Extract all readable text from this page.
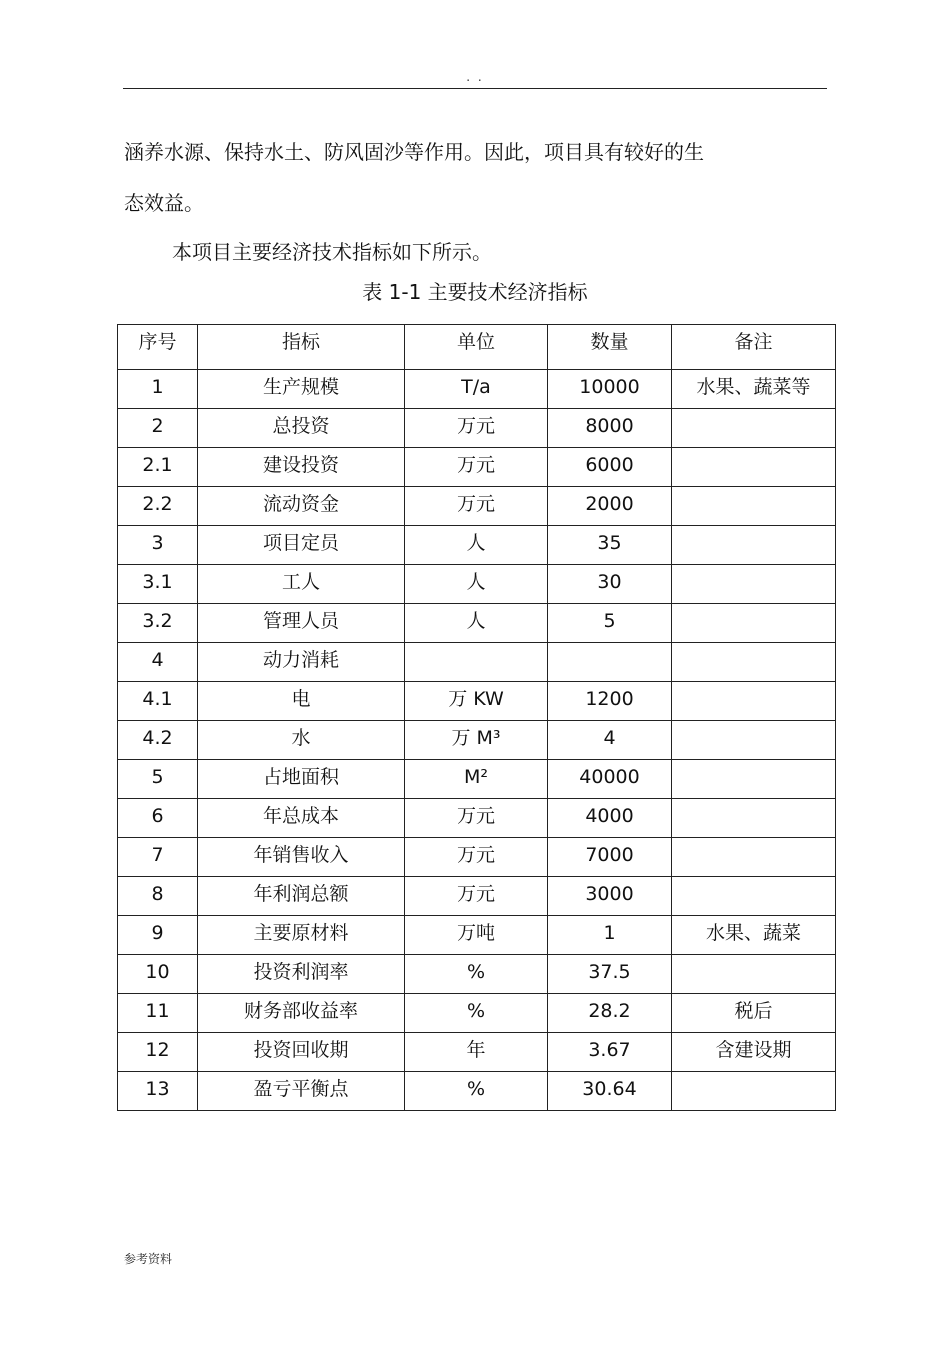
. .
涵养水源、保持水土、防风固沙等作用。因此，项目具有较好的生
态效益。
本项目主要经济技术指标如下所示。
表 1-1 主要技术经济指标
序号	指标	单位	数量	备注
1	生产规模	T/a	10000	水果、蔬菜等
2	总投资	万元	8000	
2.1	建设投资	万元	6000	
2.2	流动资金	万元	2000	
3	项目定员	人	35	
3.1	工人	人	30	
3.2	管理人员	人	5	
4	动力消耗			
4.1	电	万 KW	1200	
4.2	水	万 M³	4	
5	占地面积	M²	40000	
6	年总成本	万元	4000	
7	年销售收入	万元	7000	
8	年利润总额	万元	3000	
9	主要原材料	万吨	1	水果、蔬菜
10	投资利润率	%	37.5	
11	财务部收益率	%	28.2	税后
12	投资回收期	年	3.67	含建设期
13	盈亏平衡点	%	30.64	
参考资料
